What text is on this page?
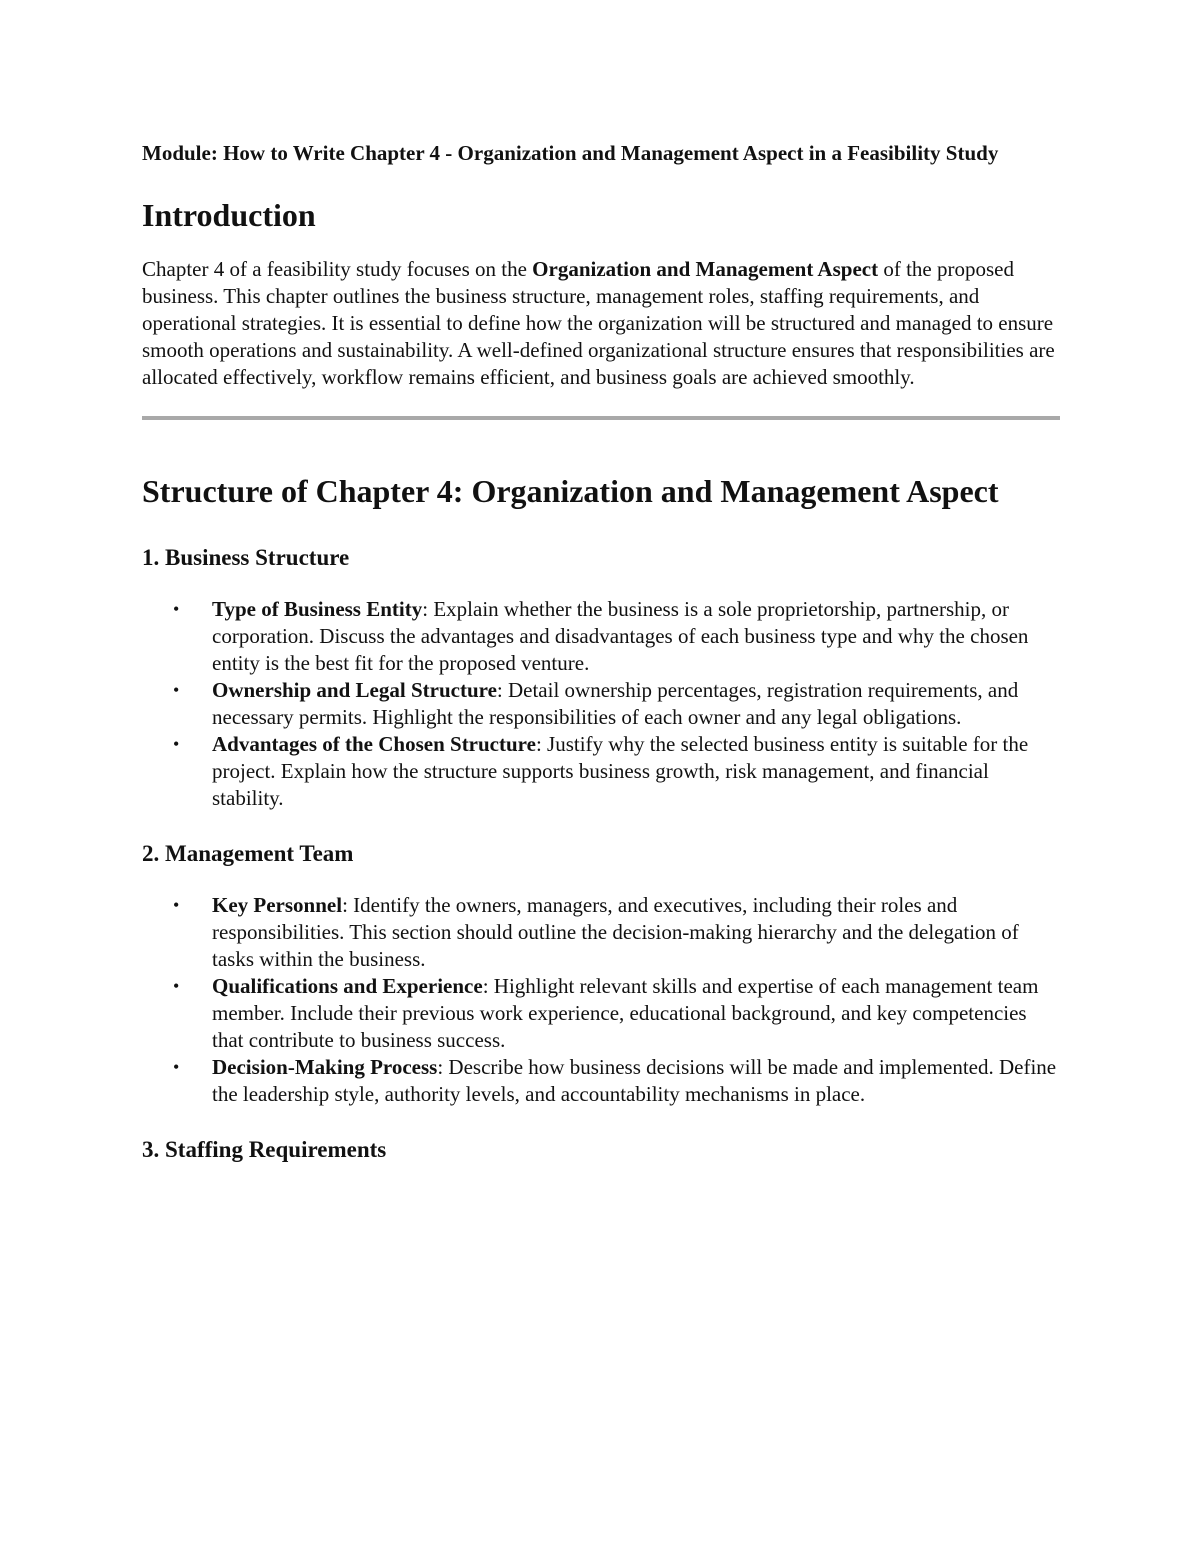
Module: How to Write Chapter 4 - Organization and Management Aspect in a Feasibility Study
Introduction

Chapter 4 of a feasibility study focuses on the Organization and Management Aspect of the proposed business. This chapter outlines the business structure, management roles, staffing requirements, and operational strategies. It is essential to define how the organization will be structured and managed to ensure smooth operations and sustainability. A well-defined organizational structure ensures that responsibilities are allocated effectively, workflow remains efficient, and business goals are achieved smoothly.

Structure of Chapter 4: Organization and Management Aspect
1. Business Structure
• Type of Business Entity: Explain whether the business is a sole proprietorship, partnership, or corporation. Discuss the advantages and disadvantages of each business type and why the chosen entity is the best fit for the proposed venture.
• Ownership and Legal Structure: Detail ownership percentages, registration requirements, and necessary permits. Highlight the responsibilities of each owner and any legal obligations.
• Advantages of the Chosen Structure: Justify why the selected business entity is suitable for the project. Explain how the structure supports business growth, risk management, and financial stability.
2. Management Team
• Key Personnel: Identify the owners, managers, and executives, including their roles and responsibilities. This section should outline the decision-making hierarchy and the delegation of tasks within the business.
• Qualifications and Experience: Highlight relevant skills and expertise of each management team member. Include their previous work experience, educational background, and key competencies that contribute to business success.
• Decision-Making Process: Describe how business decisions will be made and implemented. Define the leadership style, authority levels, and accountability mechanisms in place.
3. Staffing Requirements
